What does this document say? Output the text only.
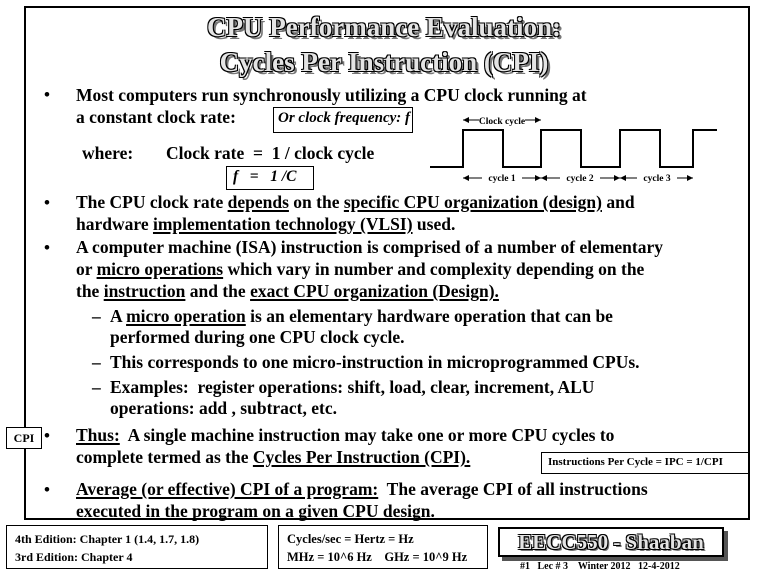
CPU Performance Evaluation:
Cycles Per Instruction (CPI)
• Most computers run synchronously utilizing a CPU clock running at
a constant clock rate:	Or clock frequency: f
where: Clock rate  =  1 / clock cycle
f   =   1 /C
Clock cycle
cycle 1	cycle 2	cycle 3
• The CPU clock rate depends on the specific CPU organization (design) and
hardware implementation technology (VLSI) used.
• A computer machine (ISA) instruction is comprised of a number of elementary
or micro operations which vary in number and complexity depending on the
the instruction and the exact CPU organization (Design).
– A micro operation is an elementary hardware operation that can be
performed during one CPU clock cycle.
– This corresponds to one micro-instruction in microprogrammed CPUs.
– Examples:  register operations: shift, load, clear, increment, ALU
operations: add , subtract, etc.
CPI • Thus:  A single machine instruction may take one or more CPU cycles to
complete termed as the Cycles Per Instruction (CPI).	Instructions Per Cycle = IPC = 1/CPI
• Average (or effective) CPI of a program:  The average CPI of all instructions
executed in the program on a given CPU design.
4th Edition: Chapter 1 (1.4, 1.7, 1.8)
3rd Edition: Chapter 4
Cycles/sec = Hertz = Hz
MHz = 10^6 Hz    GHz = 10^9 Hz
EECC550 - Shaaban
#1   Lec # 3    Winter 2012   12-4-2012
